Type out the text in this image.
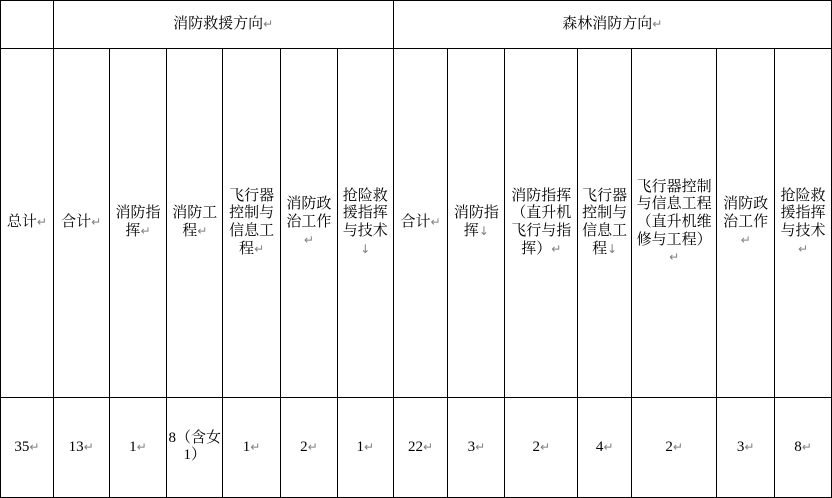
	消防救援方向↵						森林消防方向↵						
总计↵	合计↵	消防指挥↵	消防工程↵	飞行器控制与信息工程↵	消防政治工作↵	抢险救援指挥与技术↓	合计↵	消防指挥↓	消防指挥（直升机飞行与指挥）↵	飞行器控制与信息工程↓	飞行器控制与信息工程（直升机维修与工程）↵	消防政治工作↵	抢险救援指挥与技术↵
35↵	13↵	1↵	8（含女 1）	1↵	2↵	1↵	22↵	3↵	2↵	4↵	2↵	3↵	8↵
